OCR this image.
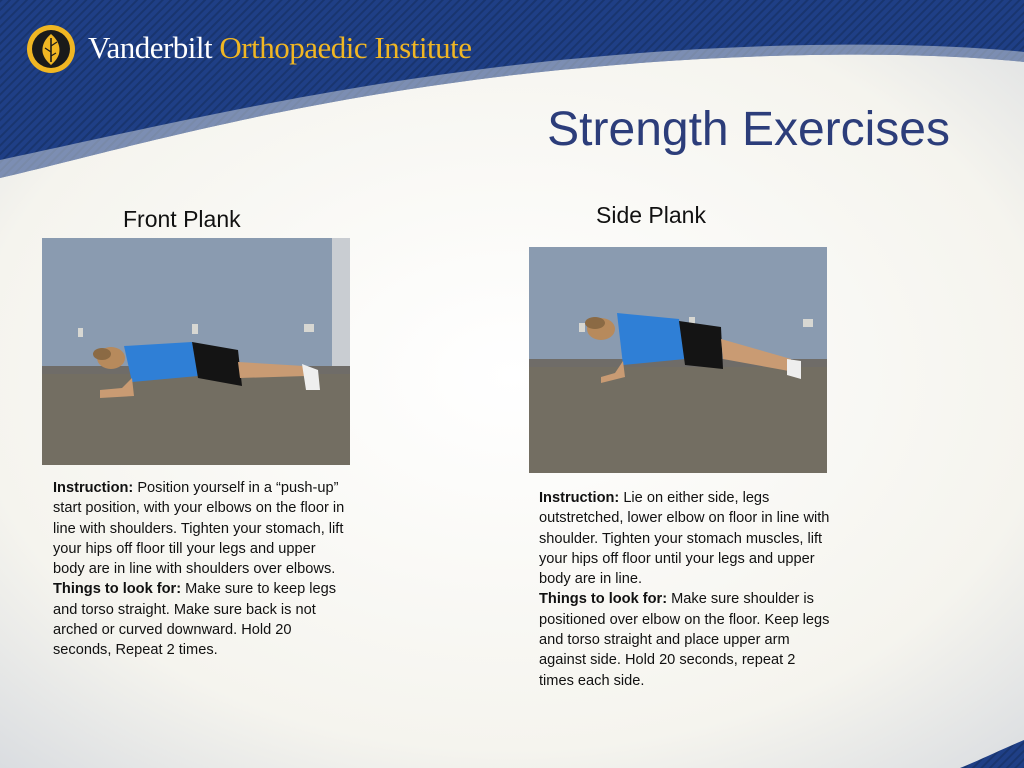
Vanderbilt Orthopaedic Institute
Strength Exercises
Front Plank

Instruction: Position yourself in a “push-up” start position, with your elbows on the floor in line with shoulders. Tighten your stomach, lift your hips off floor till your legs and upper body are in line with shoulders over elbows.

Things to look for: Make sure to keep legs and torso straight. Make sure back is not arched or curved downward. Hold 20 seconds, Repeat 2 times.

Side Plank

Instruction: Lie on either side, legs outstretched, lower elbow on floor in line with shoulder. Tighten your stomach muscles, lift your hips off floor until your legs and upper body are in line.

Things to look for: Make sure shoulder is positioned over elbow on the floor. Keep legs and torso straight and place upper arm against side. Hold 20 seconds, repeat 2 times each side.
